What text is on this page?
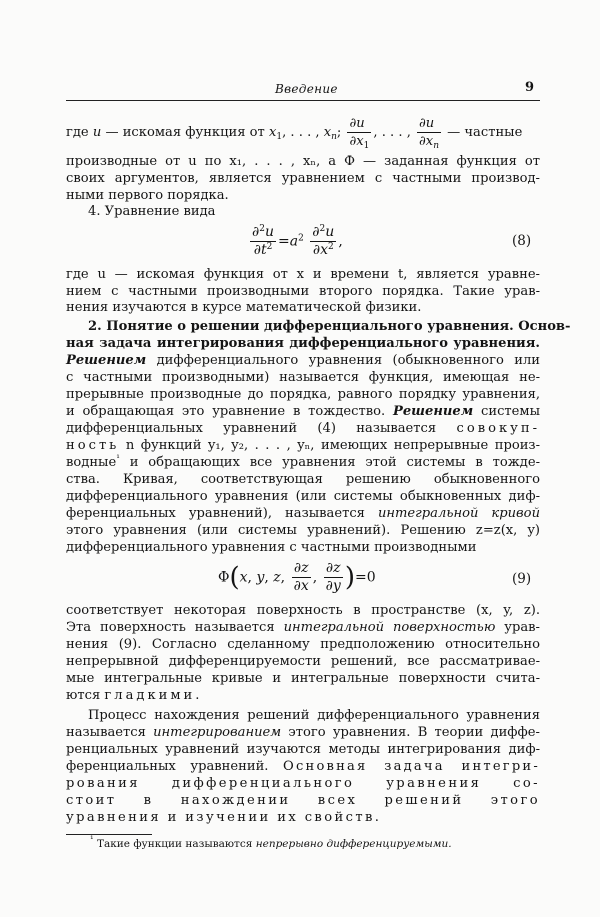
Введение	9
где u — искомая функция от $x_1$, . . . , $x_n$; $\frac{\partial u}{\partial x_1}$ , . . . , $\frac{\partial u}{\partial x_n}$ — частные
производные от u по x₁, . . . , xₙ, а Ф — заданная функция от
своих аргументов, является уравнением с частными производ-
ными первого порядка.
4. Уравнение вида
$\frac{\partial^2u}{\partial t^2} =a^2 \frac{\partial^2u}{\partial x^2}$ ,	(8)
где u — искомая функция от x и времени t, является уравне-
нием с частными производными второго порядка. Такие урав-
нения изучаются в курсе математической физики.
2. Понятие о решении дифференциального уравнения. Основ-
ная задача интегрирования дифференциального уравнения.
Решением дифференциального уравнения (обыкновенного или
с частными производными) называется функция, имеющая не-
прерывные производные до порядка, равного порядку уравнения,
и обращающая это уравнение в тождество. Решением системы
дифференциальных уравнений (4) называется совокуп-
ность n функций y₁, y₂, . . . , yₙ, имеющих непрерывные произ-
водные$^{^1}$ и обращающих все уравнения этой системы в тожде-
ства. Кривая, соответствующая решению обыкновенного
дифференциального уравнения (или системы обыкновенных диф-
ференциальных уравнений), называется интегральной кривой
этого уравнения (или системы уравнений). Решению z=z(x, y)
дифференциального уравнения с частными производными
Φ(x, y, z, $\frac{\partial z}{\partial x}$ , $\frac{\partial z}{\partial y} )=0$	(9)
соответствует некоторая поверхность в пространстве (x, y, z).
Эта поверхность называется интегральной поверхностью урав-
нения (9). Согласно сделанному предположению относительно
непрерывной дифференцируемости решений, все рассматривае-
мые интегральные кривые и интегральные поверхности счита-
ются гладкими.
Процесс нахождения решений дифференциального уравнения
называется интегрированием этого уравнения. В теории диффе-
ренциальных уравнений изучаются методы интегрирования диф-
ференциальных уравнений. Основная задача интегри-
рования дифференциального уравнения со-
стоит в нахождении всех решений этого
уравнения и изучении их свойств.
$^{^1}$ Такие функции называются непрерывно дифференцируемыми.
